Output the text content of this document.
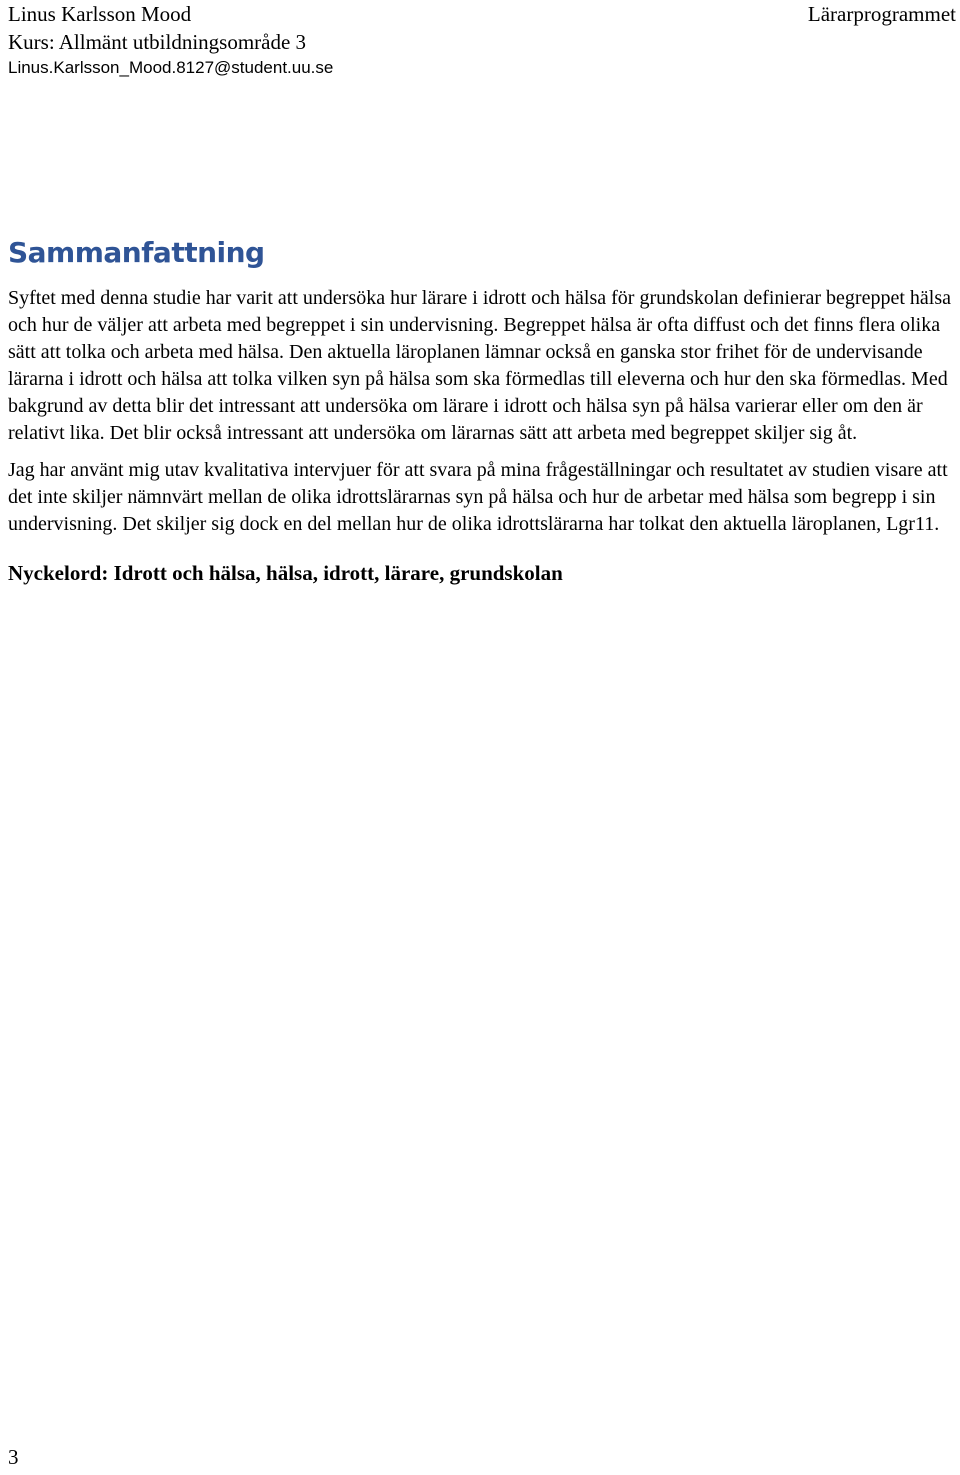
Linus Karlsson Mood
Kurs: Allmänt utbildningsområde 3
Linus.Karlsson_Mood.8127@student.uu.se
Lärarprogrammet
Sammanfattning

Syftet med denna studie har varit att undersöka hur lärare i idrott och hälsa för grundskolan definierar begreppet hälsa och hur de väljer att arbeta med begreppet i sin undervisning. Begreppet hälsa är ofta diffust och det finns flera olika sätt att tolka och arbeta med hälsa. Den aktuella läroplanen lämnar också en ganska stor frihet för de undervisande lärarna i idrott och hälsa att tolka vilken syn på hälsa som ska förmedlas till eleverna och hur den ska förmedlas. Med bakgrund av detta blir det intressant att undersöka om lärare i idrott och hälsa syn på hälsa varierar eller om den är relativt lika. Det blir också intressant att undersöka om lärarnas sätt att arbeta med begreppet skiljer sig åt.

Jag har använt mig utav kvalitativa intervjuer för att svara på mina frågeställningar och resultatet av studien visare att det inte skiljer nämnvärt mellan de olika idrottslärarnas syn på hälsa och hur de arbetar med hälsa som begrepp i sin undervisning. Det skiljer sig dock en del mellan hur de olika idrottslärarna har tolkat den aktuella läroplanen, Lgr11.

Nyckelord: Idrott och hälsa, hälsa, idrott, lärare, grundskolan

3
